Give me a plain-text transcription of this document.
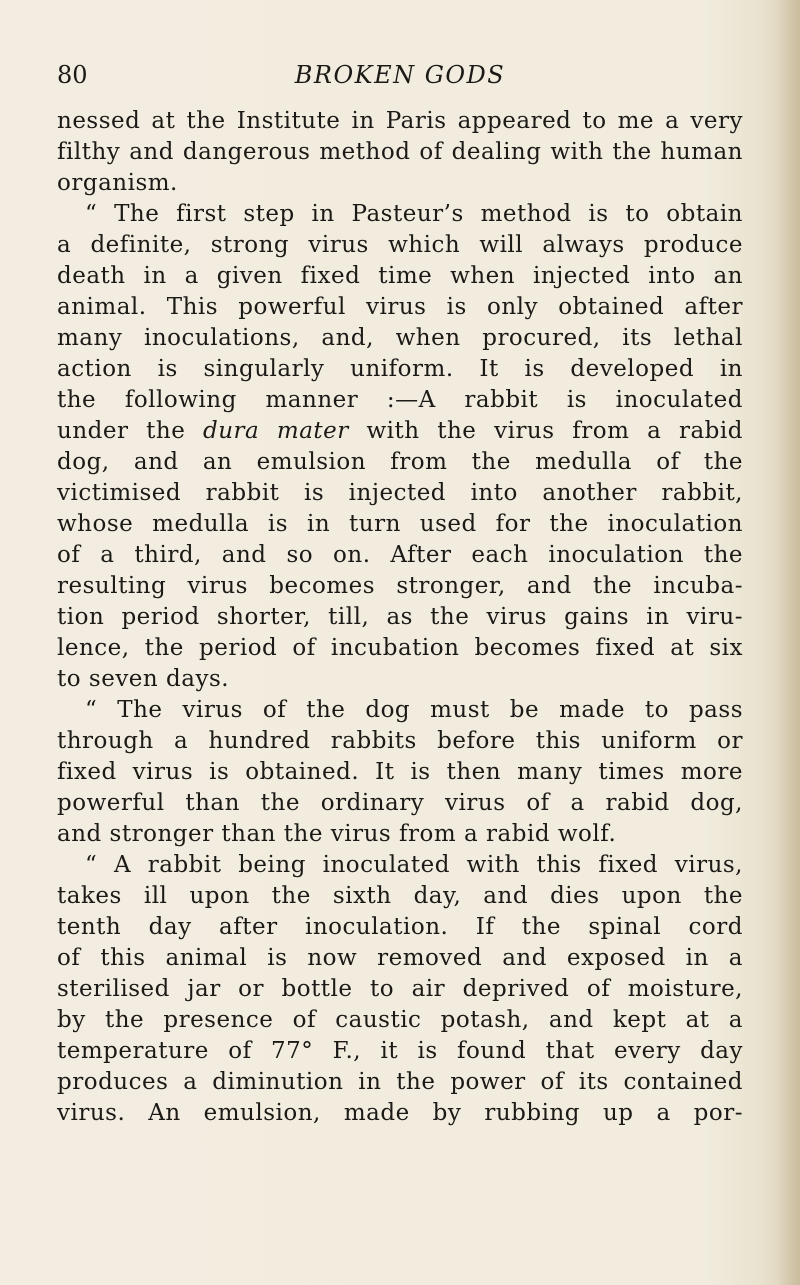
80	BROKEN GODS
nessed at the Institute in Paris appeared to me a very
filthy and dangerous method of dealing with the human
organism.
“ The first step in Pasteur’s method is to obtain
a definite, strong virus which will always produce
death in a given fixed time when injected into an
animal. This powerful virus is only obtained after
many inoculations, and, when procured, its lethal
action is singularly uniform. It is developed in
the following manner :—A rabbit is inoculated
under the dura mater with the virus from a rabid
dog, and an emulsion from the medulla of the
victimised rabbit is injected into another rabbit,
whose medulla is in turn used for the inoculation
of a third, and so on. After each inoculation the
resulting virus becomes stronger, and the incuba-
tion period shorter, till, as the virus gains in viru-
lence, the period of incubation becomes fixed at six
to seven days.
“ The virus of the dog must be made to pass
through a hundred rabbits before this uniform or
fixed virus is obtained. It is then many times more
powerful than the ordinary virus of a rabid dog,
and stronger than the virus from a rabid wolf.
“ A rabbit being inoculated with this fixed virus,
takes ill upon the sixth day, and dies upon the
tenth day after inoculation. If the spinal cord
of this animal is now removed and exposed in a
sterilised jar or bottle to air deprived of moisture,
by the presence of caustic potash, and kept at a
temperature of 77° F., it is found that every day
produces a diminution in the power of its contained
virus. An emulsion, made by rubbing up a por-
